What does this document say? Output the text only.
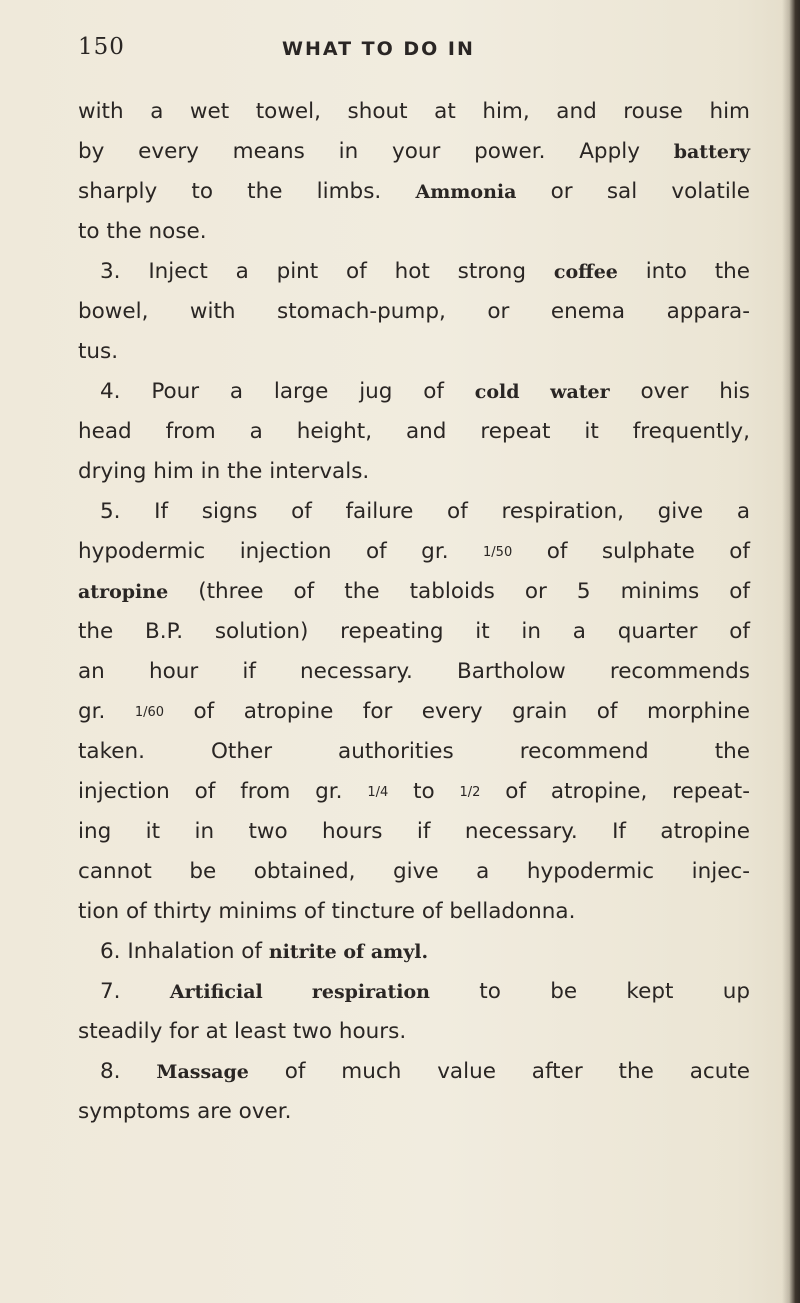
150	WHAT TO DO IN
with a wet towel, shout at him, and rouse him
by every means in your power. Apply battery
sharply to the limbs. Ammonia or sal volatile
to the nose.
3. Inject a pint of hot strong coffee into the
bowel, with stomach-pump, or enema appara-
tus.
4. Pour a large jug of cold water over his
head from a height, and repeat it frequently,
drying him in the intervals.
5. If signs of failure of respiration, give a
hypodermic injection of gr. 1/50 of sulphate of
atropine (three of the tabloids or 5 minims of
the B.P. solution) repeating it in a quarter of
an hour if necessary. Bartholow recommends
gr. 1/60 of atropine for every grain of morphine
taken. Other authorities recommend the
injection of from gr. 1/4 to 1/2 of atropine, repeat-
ing it in two hours if necessary. If atropine
cannot be obtained, give a hypodermic injec-
tion of thirty minims of tincture of belladonna.
6. Inhalation of nitrite of amyl.
7. Artificial respiration to be kept up
steadily for at least two hours.
8. Massage of much value after the acute
symptoms are over.
